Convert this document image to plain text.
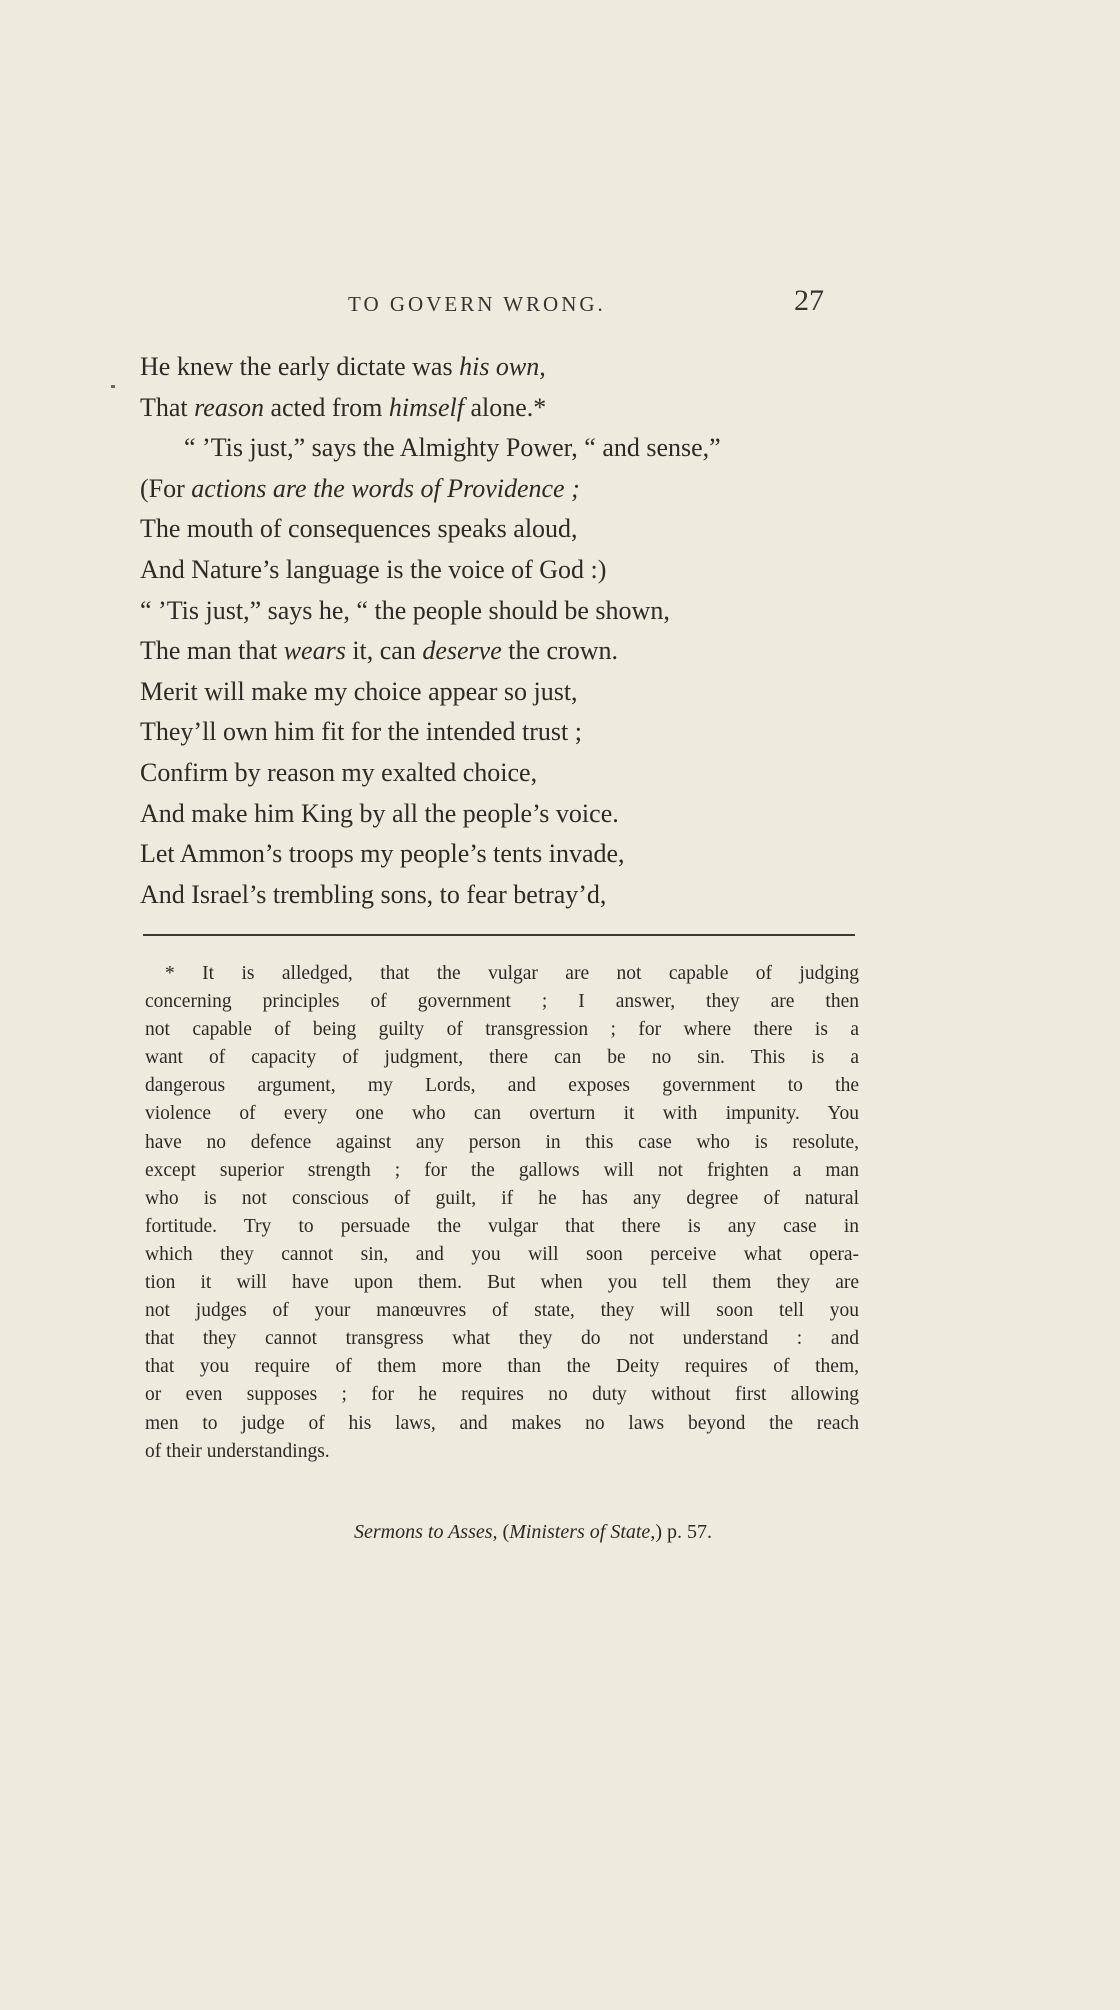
TO GOVERN WRONG.	27
He knew the early dictate was his own,
That reason acted from himself alone.*
“ ’Tis just,” says the Almighty Power, “ and sense,”
(For actions are the words of Providence ;
The mouth of consequences speaks aloud,
And Nature’s language is the voice of God :)
“ ’Tis just,” says he, “ the people should be shown,
The man that wears it, can deserve the crown.
Merit will make my choice appear so just,
They’ll own him fit for the intended trust ;
Confirm by reason my exalted choice,
And make him King by all the people’s voice.
Let Ammon’s troops my people’s tents invade,
And Israel’s trembling sons, to fear betray’d,
* It is alledged, that the vulgar are not capable of judging
concerning principles of government ; I answer, they are then
not capable of being guilty of transgression ; for where there is a
want of capacity of judgment, there can be no sin. This is a
dangerous argument, my Lords, and exposes government to the
violence of every one who can overturn it with impunity. You
have no defence against any person in this case who is resolute,
except superior strength ; for the gallows will not frighten a man
who is not conscious of guilt, if he has any degree of natural
fortitude. Try to persuade the vulgar that there is any case in
which they cannot sin, and you will soon perceive what opera-
tion it will have upon them. But when you tell them they are
not judges of your manœuvres of state, they will soon tell you
that they cannot transgress what they do not understand : and
that you require of them more than the Deity requires of them,
or even supposes ; for he requires no duty without first allowing
men to judge of his laws, and makes no laws beyond the reach
of their understandings.
Sermons to Asses, (Ministers of State,) p. 57.
